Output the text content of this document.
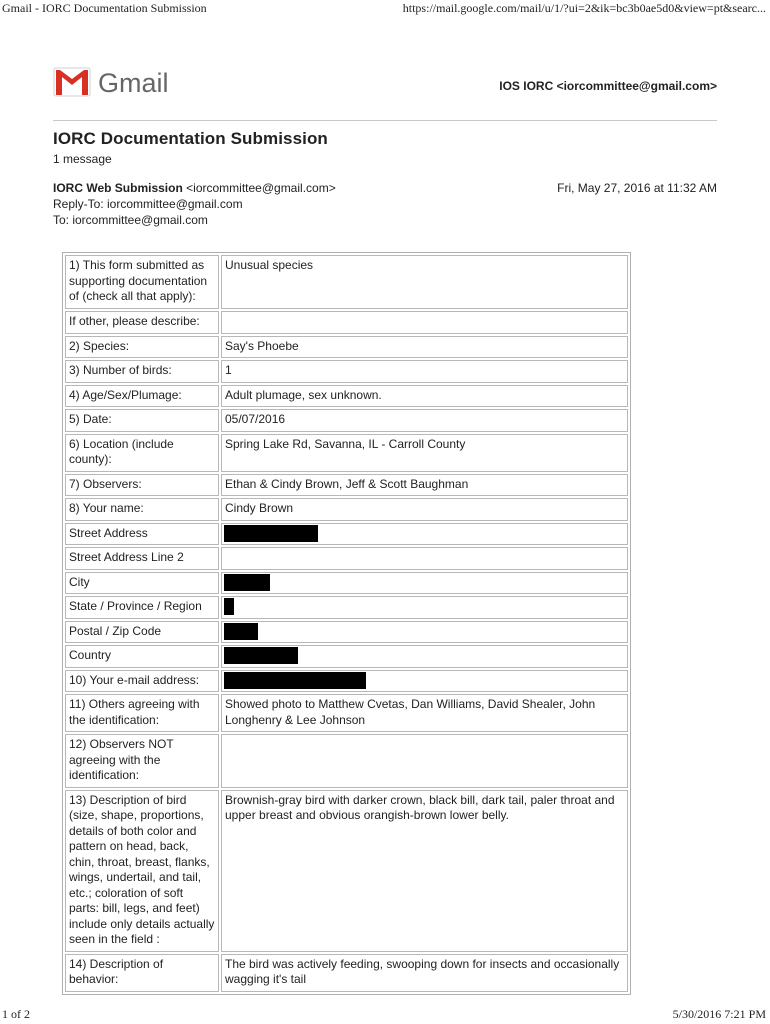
Gmail - IORC Documentation Submission	https://mail.google.com/mail/u/1/?ui=2&ik=bc3b0ae5d0&view=pt&searc...
Gmail	IOS IORC <iorcommittee@gmail.com>
IORC Documentation Submission
1 message
IORC Web Submission <iorcommittee@gmail.com>	Fri, May 27, 2016 at 11:32 AM
Reply-To: iorcommittee@gmail.com
To: iorcommittee@gmail.com
1) This form submitted as supporting documentation of (check all that apply):	Unusual species
If other, please describe:	
2) Species:	Say's Phoebe
3) Number of birds:	1
4) Age/Sex/Plumage:	Adult plumage, sex unknown.
5) Date:	05/07/2016
6) Location (include county):	Spring Lake Rd, Savanna, IL - Carroll County
7) Observers:	Ethan & Cindy Brown, Jeff & Scott Baughman
8) Your name:	Cindy Brown
Street Address	
Street Address Line 2	
City	
State / Province / Region	
Postal / Zip Code	
Country	
10) Your e-mail address:	
11) Others agreeing with the identification:	Showed photo to Matthew Cvetas, Dan Williams, David Shealer, John Longhenry & Lee Johnson
12) Observers NOT agreeing with the identification:	
13) Description of bird (size, shape, proportions, details of both color and pattern on head, back, chin, throat, breast, flanks, wings, undertail, and tail, etc.; coloration of soft parts: bill, legs, and feet) include only details actually seen in the field :	Brownish-gray bird with darker crown, black bill, dark tail, paler throat and upper breast and obvious orangish-brown lower belly.
14) Description of behavior:	The bird was actively feeding, swooping down for insects and occasionally wagging it's tail
1 of 2	5/30/2016 7:21 PM
